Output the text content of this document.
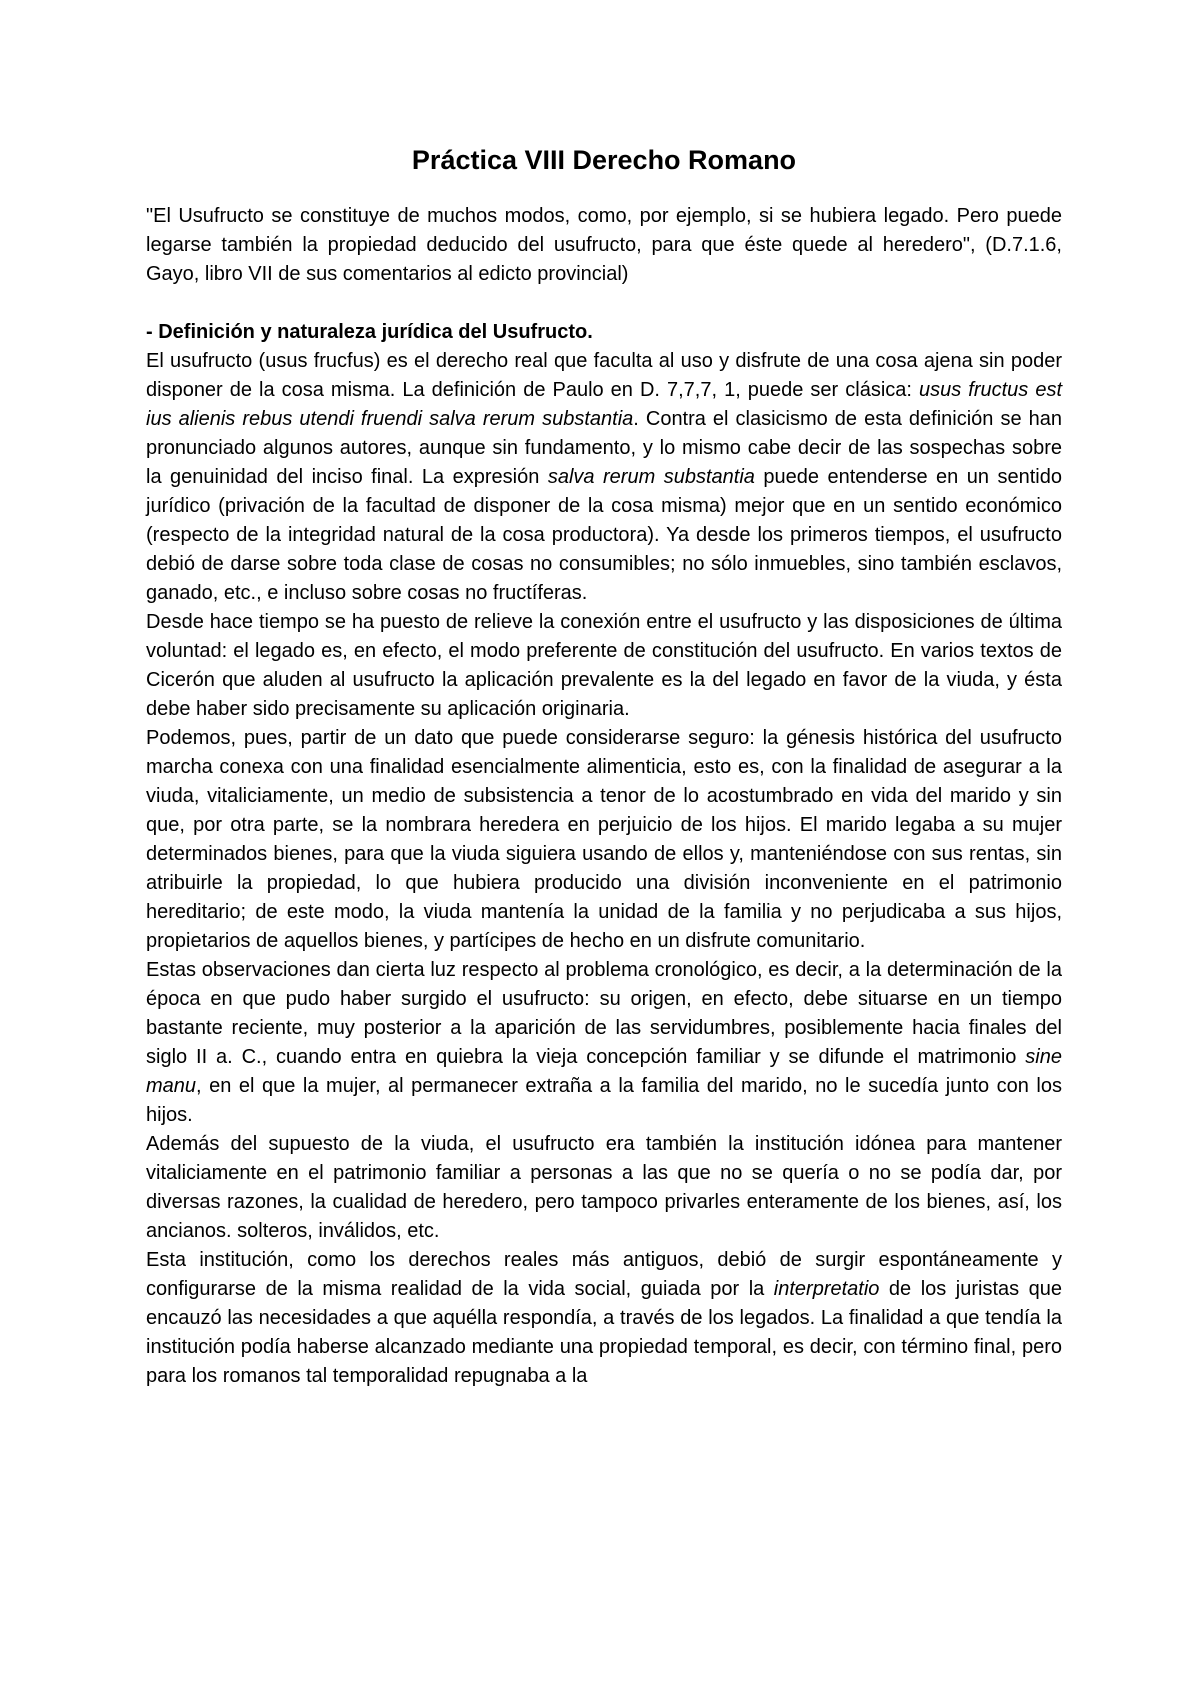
Práctica VIII Derecho Romano

"El Usufructo se constituye de muchos modos, como, por ejemplo, si se hubiera legado. Pero puede legarse también la propiedad deducido del usufructo, para que éste quede al heredero", (D.7.1.6, Gayo, libro VII de sus comentarios al edicto provincial)

- Definición y naturaleza jurídica del Usufructo.

El usufructo (usus frucfus) es el derecho real que faculta al uso y disfrute de una cosa ajena sin poder disponer de la cosa misma. La definición de Paulo en D. 7,7,7, 1, puede ser clásica: usus fructus est ius alienis rebus utendi fruendi salva rerum substantia. Contra el clasicismo de esta definición se han pronunciado algunos autores, aunque sin fundamento, y lo mismo cabe decir de las sospechas sobre la genuinidad del inciso final. La expresión salva rerum substantia puede entenderse en un sentido jurídico (privación de la facultad de disponer de la cosa misma) mejor que en un sentido económico (respecto de la integridad natural de la cosa productora). Ya desde los primeros tiempos, el usufructo debió de darse sobre toda clase de cosas no consumibles; no sólo inmuebles, sino también esclavos, ganado, etc., e incluso sobre cosas no fructíferas.

Desde hace tiempo se ha puesto de relieve la conexión entre el usufructo y las disposiciones de última voluntad: el legado es, en efecto, el modo preferente de constitución del usufructo. En varios textos de Cicerón que aluden al usufructo la aplicación prevalente es la del legado en favor de la viuda, y ésta debe haber sido precisamente su aplicación originaria.

Podemos, pues, partir de un dato que puede considerarse seguro: la génesis histórica del usufructo marcha conexa con una finalidad esencialmente alimenticia, esto es, con la finalidad de asegurar a la viuda, vitaliciamente, un medio de subsistencia a tenor de lo acostumbrado en vida del marido y sin que, por otra parte, se la nombrara heredera en perjuicio de los hijos. El marido legaba a su mujer determinados bienes, para que la viuda siguiera usando de ellos y, manteniéndose con sus rentas, sin atribuirle la propiedad, lo que hubiera producido una división inconveniente en el patrimonio hereditario; de este modo, la viuda mantenía la unidad de la familia y no perjudicaba a sus hijos, propietarios de aquellos bienes, y partícipes de hecho en un disfrute comunitario.

Estas observaciones dan cierta luz respecto al problema cronológico, es decir, a la determinación de la época en que pudo haber surgido el usufructo: su origen, en efecto, debe situarse en un tiempo bastante reciente, muy posterior a la aparición de las servidumbres, posiblemente hacia finales del siglo II a. C., cuando entra en quiebra la vieja concepción familiar y se difunde el matrimonio sine manu, en el que la mujer, al permanecer extraña a la familia del marido, no le sucedía junto con los hijos.

Además del supuesto de la viuda, el usufructo era también la institución idónea para mantener vitaliciamente en el patrimonio familiar a personas a las que no se quería o no se podía dar, por diversas razones, la cualidad de heredero, pero tampoco privarles enteramente de los bienes, así, los ancianos. solteros, inválidos, etc.

Esta institución, como los derechos reales más antiguos, debió de surgir espontáneamente y configurarse de la misma realidad de la vida social, guiada por la interpretatio de los juristas que encauzó las necesidades a que aquélla respondía, a través de los legados. La finalidad a que tendía la institución podía haberse alcanzado mediante una propiedad temporal, es decir, con término final, pero para los romanos tal temporalidad repugnaba a la
